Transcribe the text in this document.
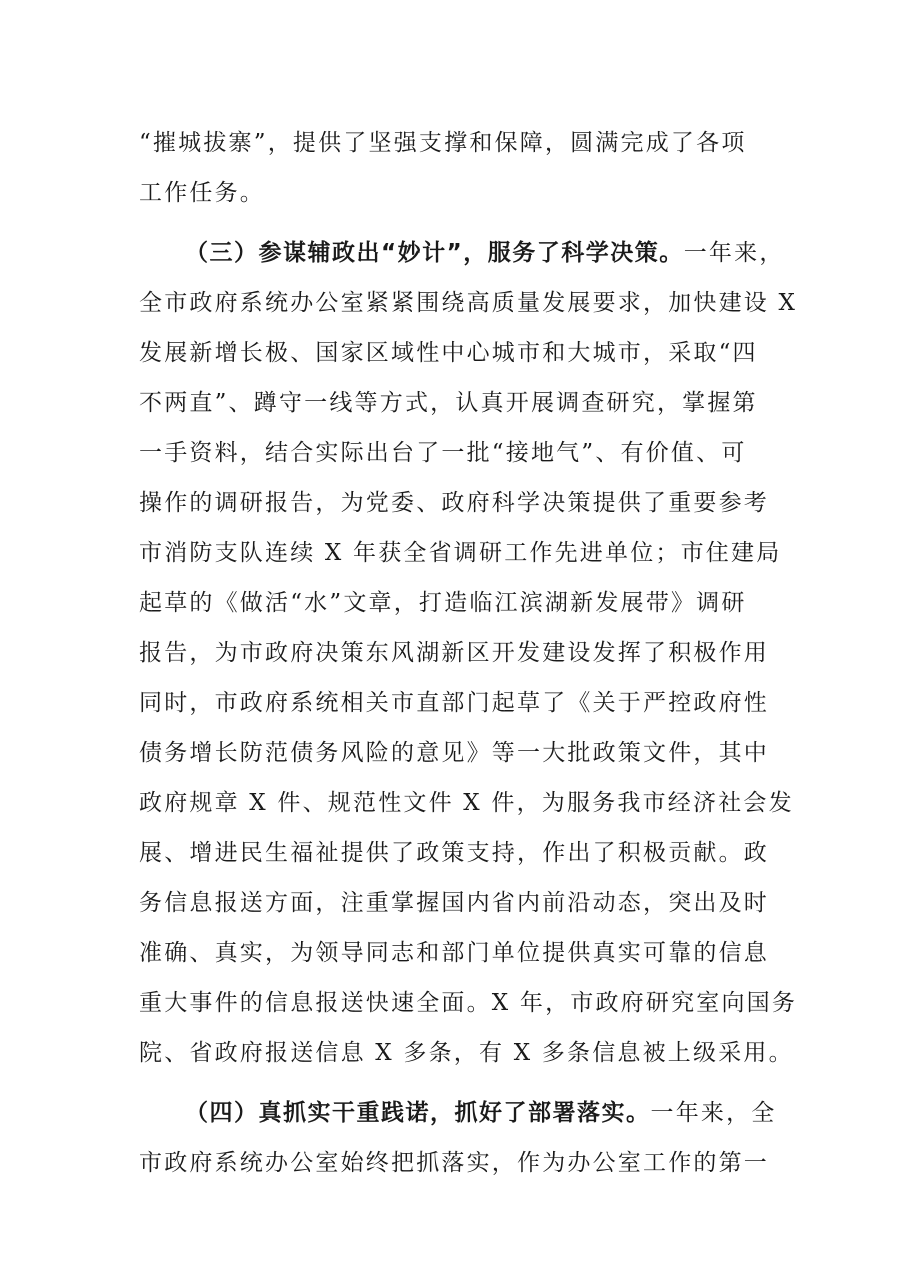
“摧城拔寨”，提供了坚强支撑和保障，圆满完成了各项
工作任务。
（三）参谋辅政出“妙计”，服务了科学决策。一年来，
全市政府系统办公室紧紧围绕高质量发展要求，加快建设 X
发展新增长极、国家区域性中心城市和大城市，采取“四
不两直”、蹲守一线等方式，认真开展调查研究，掌握第
一手资料，结合实际出台了一批“接地气”、有价值、可
操作的调研报告，为党委、政府科学决策提供了重要参考
市消防支队连续 X 年获全省调研工作先进单位；市住建局
起草的《做活“水”文章，打造临江滨湖新发展带》调研
报告，为市政府决策东风湖新区开发建设发挥了积极作用
同时，市政府系统相关市直部门起草了《关于严控政府性
债务增长防范债务风险的意见》等一大批政策文件，其中
政府规章 X 件、规范性文件 X 件，为服务我市经济社会发
展、增进民生福祉提供了政策支持，作出了积极贡献。政
务信息报送方面，注重掌握国内省内前沿动态，突出及时
准确、真实，为领导同志和部门单位提供真实可靠的信息
重大事件的信息报送快速全面。X 年，市政府研究室向国务
院、省政府报送信息 X 多条，有 X 多条信息被上级采用。
（四）真抓实干重践诺，抓好了部署落实。一年来，全
市政府系统办公室始终把抓落实，作为办公室工作的第一
